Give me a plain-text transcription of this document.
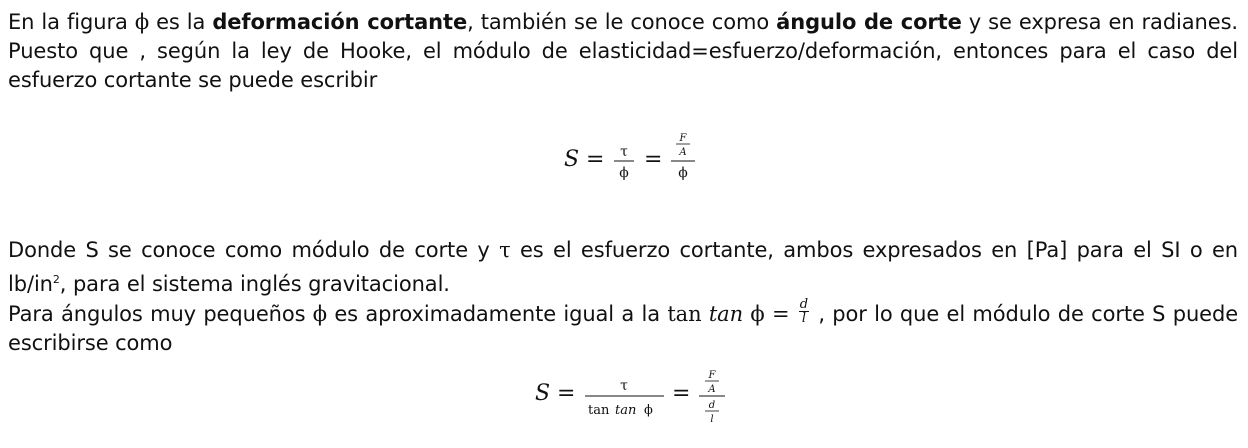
En la figura ϕ es la deformación cortante, también se le conoce como ángulo de corte y se expresa en radianes. Puesto que , según la ley de Hooke, el módulo de elasticidad=esfuerzo/deformación, entonces para el caso del esfuerzo cortante se puede escribir

S = τ
ϕ
=
F
A
ϕ

Donde S se conoce como módulo de corte y τ es el esfuerzo cortante, ambos expresados en [Pa] para el SI o en $lb/in^2$, para el sistema inglés gravitacional.

Para ángulos muy pequeños ϕ es aproximadamente igual a la $\tan \tan \phi = \frac{d}{l}$ , por lo que el módulo de corte S puede escribirse como

S =	τ
tan tan ϕ
=
F
A
d
l
